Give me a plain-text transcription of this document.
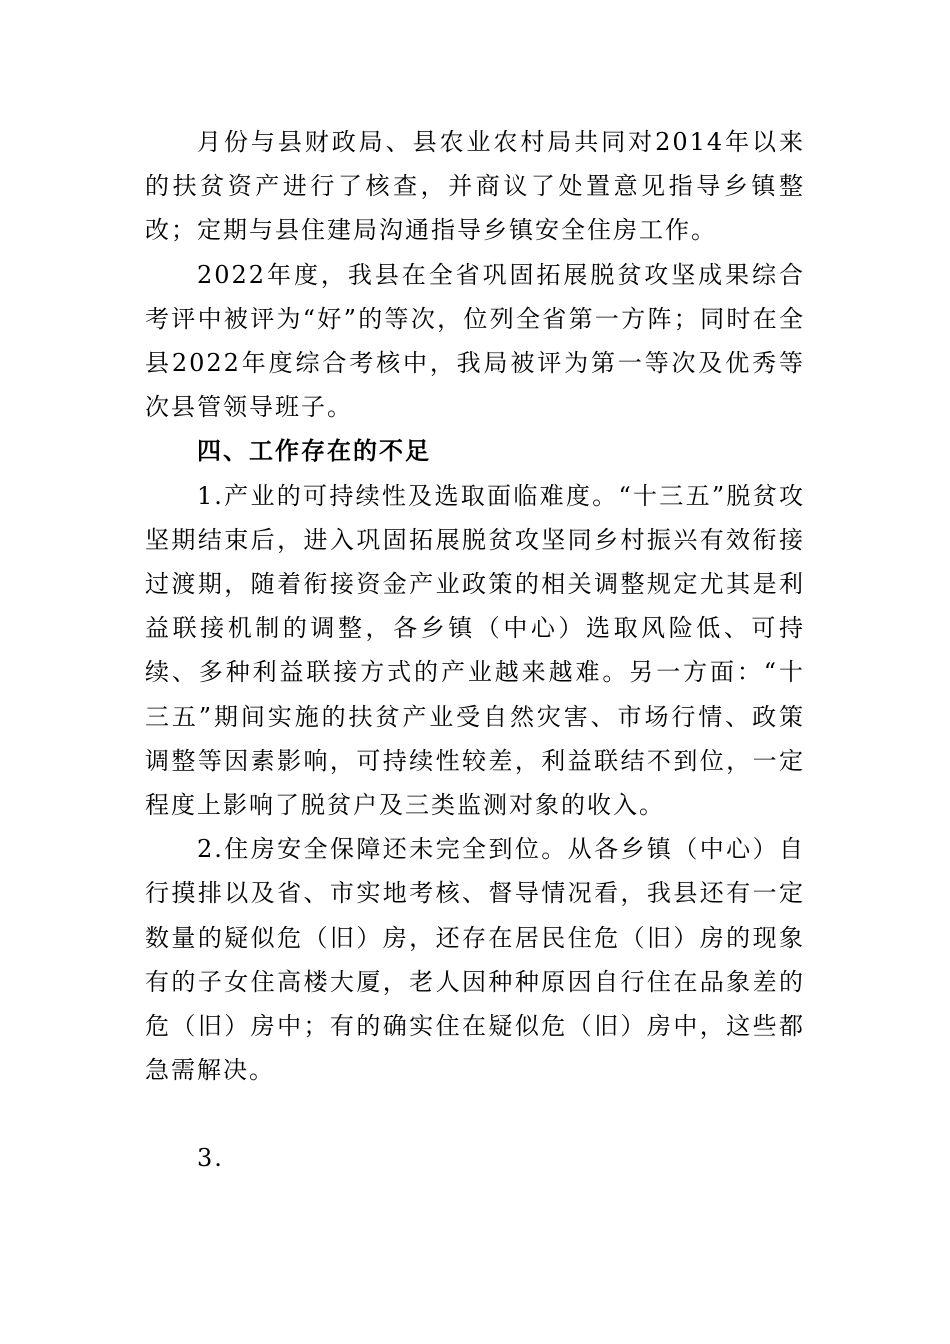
月份与县财政局、县农业农村局共同对2014年以来的扶贫资产进行了核查，并商议了处置意见指导乡镇整改；定期与县住建局沟通指导乡镇安全住房工作。

2022年度，我县在全省巩固拓展脱贫攻坚成果综合考评中被评为“好”的等次，位列全省第一方阵；同时在全县2022年度综合考核中，我局被评为第一等次及优秀等次县管领导班子。

四、工作存在的不足

1.产业的可持续性及选取面临难度。“十三五”脱贫攻坚期结束后，进入巩固拓展脱贫攻坚同乡村振兴有效衔接过渡期，随着衔接资金产业政策的相关调整规定尤其是利益联接机制的调整，各乡镇（中心）选取风险低、可持续、多种利益联接方式的产业越来越难。另一方面：“十三五”期间实施的扶贫产业受自然灾害、市场行情、政策调整等因素影响，可持续性较差，利益联结不到位，一定程度上影响了脱贫户及三类监测对象的收入。

2.住房安全保障还未完全到位。从各乡镇（中心）自行摸排以及省、市实地考核、督导情况看，我县还有一定数量的疑似危（旧）房，还存在居民住危（旧）房的现象有的子女住高楼大厦，老人因种种原因自行住在品象差的危（旧）房中；有的确实住在疑似危（旧）房中，这些都急需解决。

3.
